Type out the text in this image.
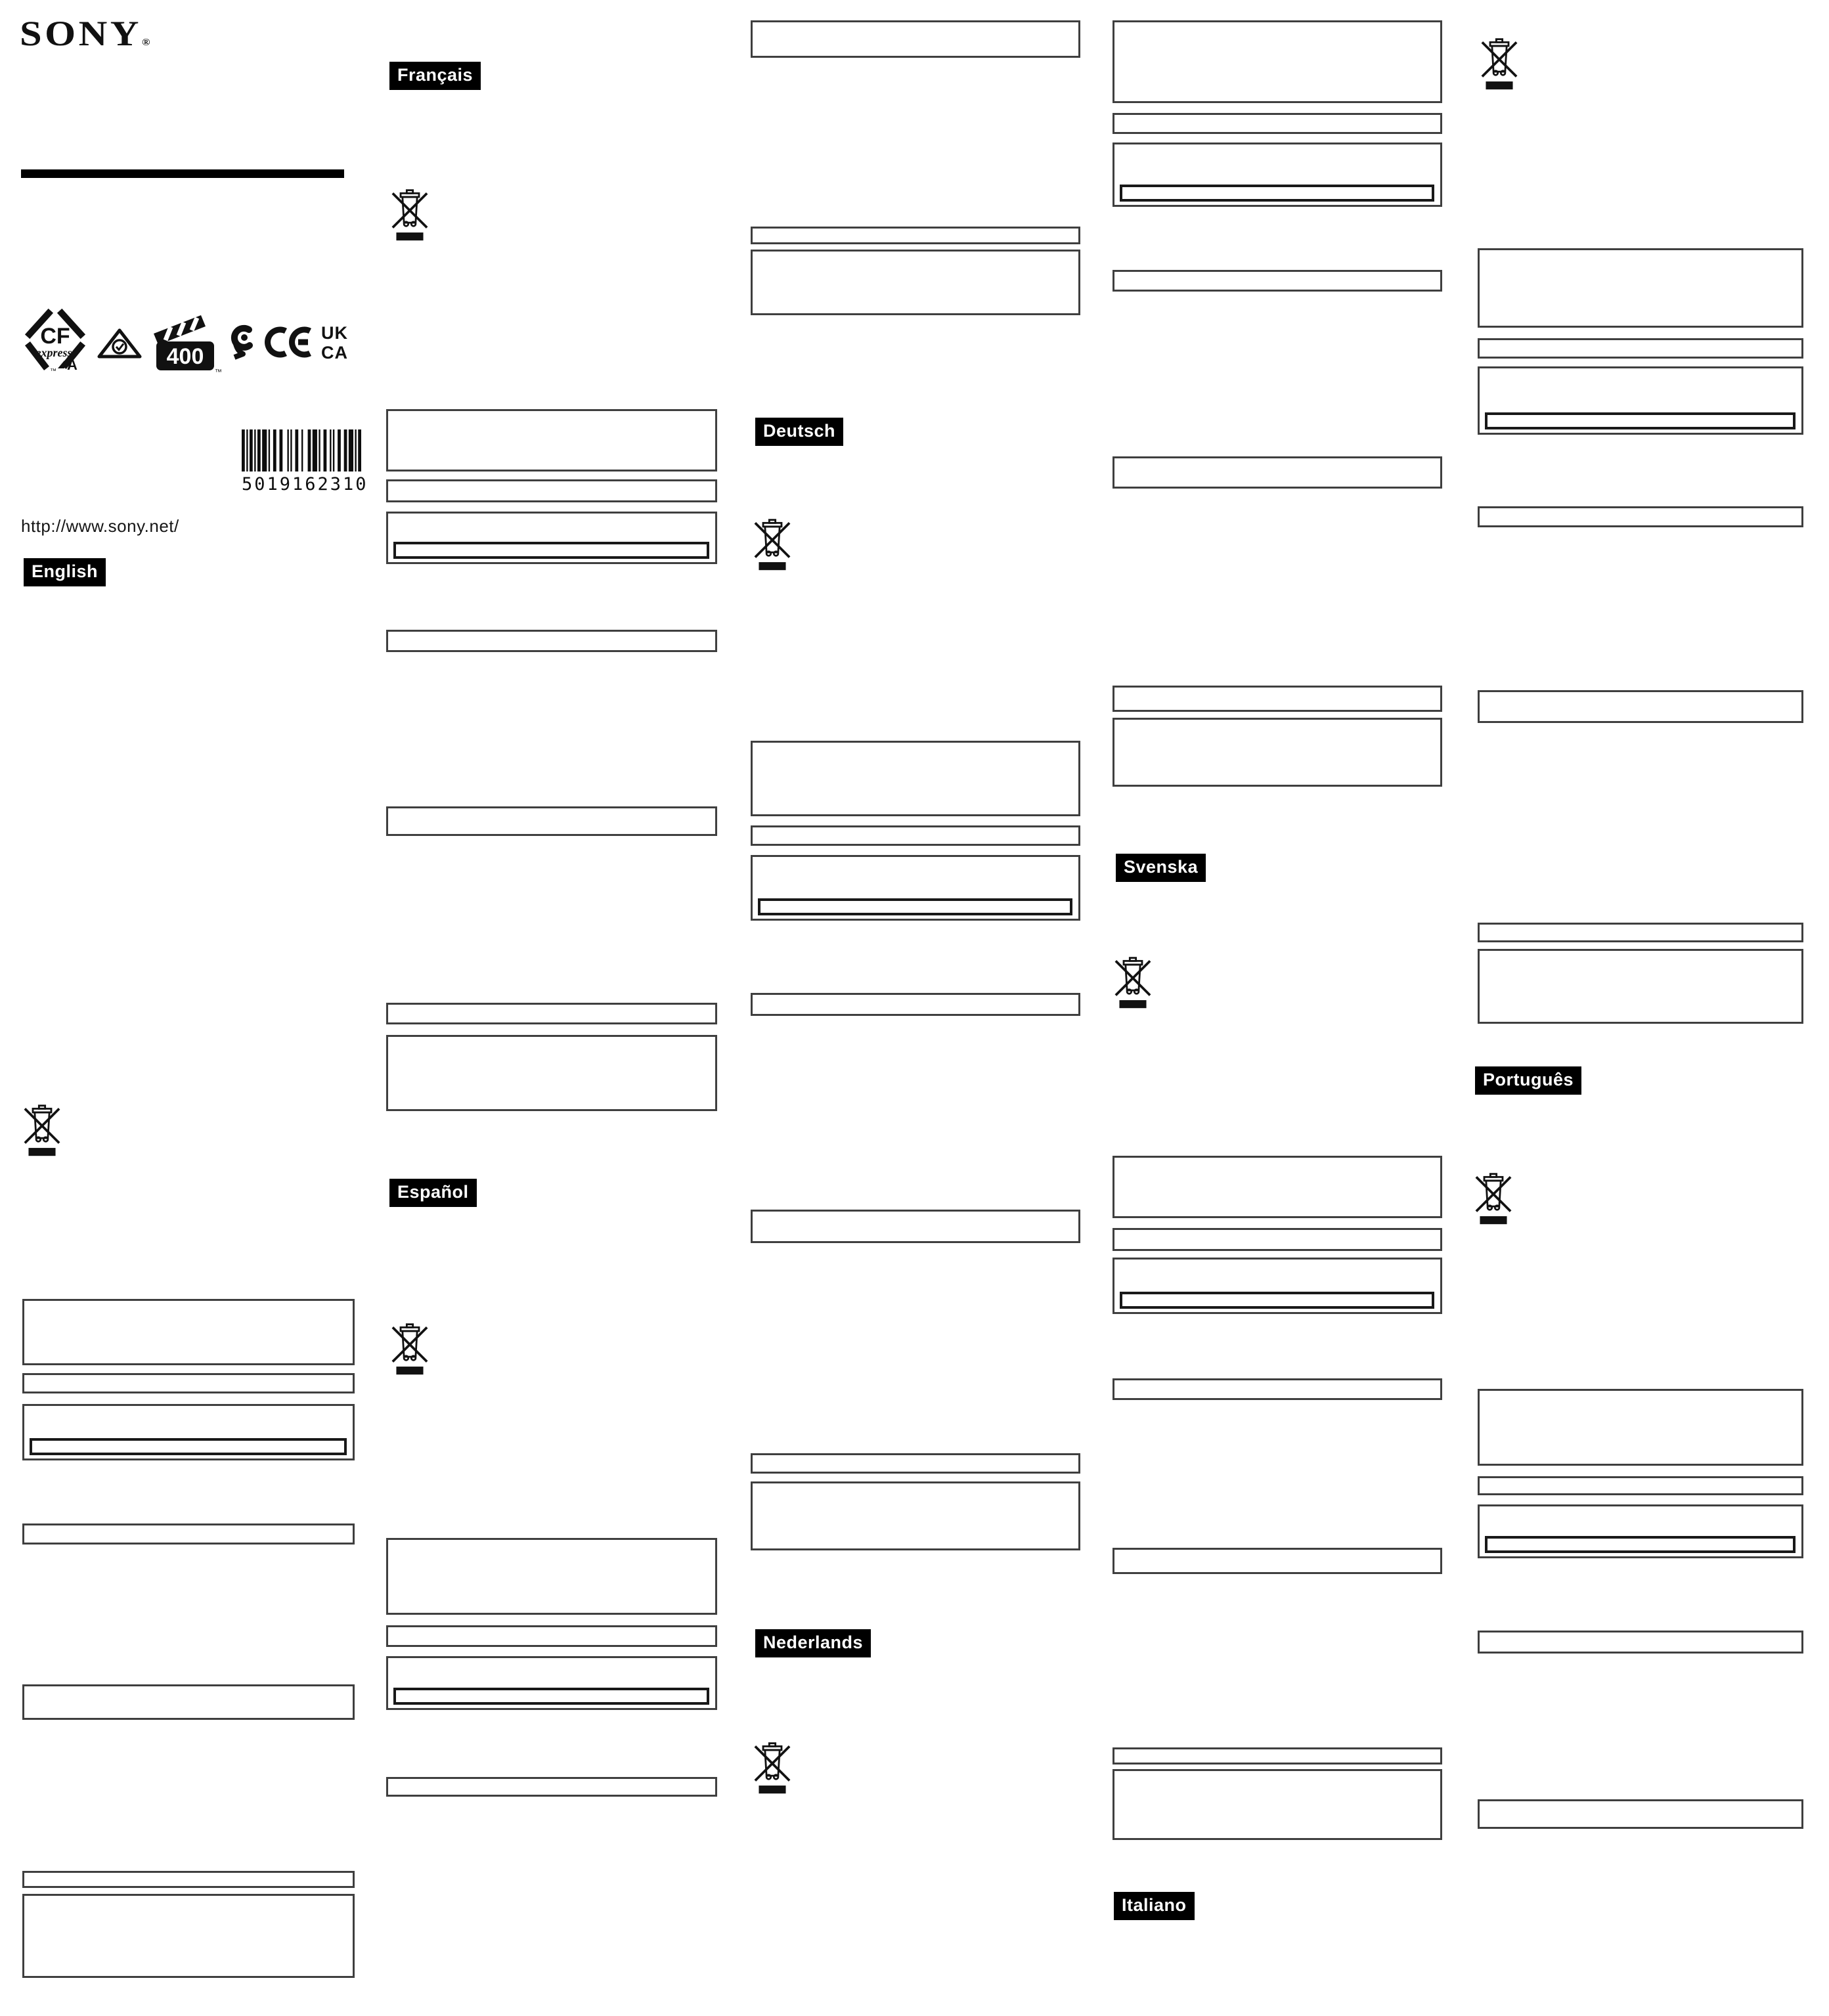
SONY®
CF
express
A
™
400
™
UK
CA
5019162310
http://www.sony.net/
English
Français
Deutsch
Español
Nederlands
Svenska
Italiano
Português
